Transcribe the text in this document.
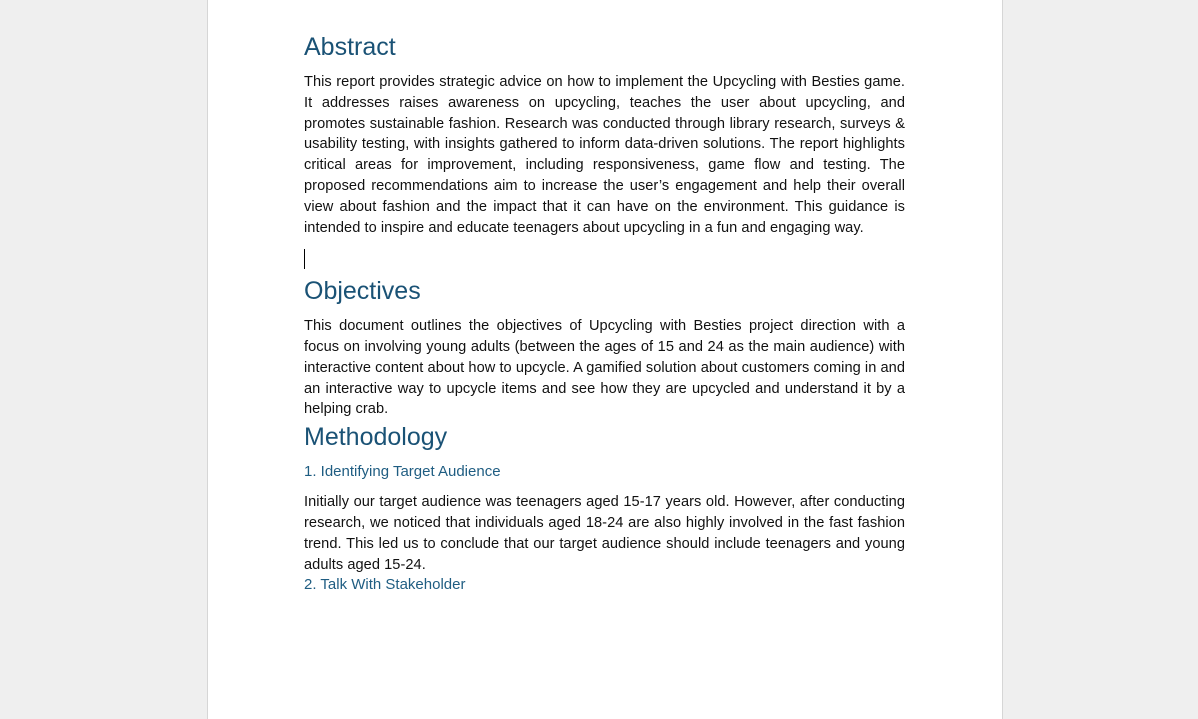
Abstract

This report provides strategic advice on how to implement the Upcycling with Besties game. It addresses raises awareness on upcycling, teaches the user about upcycling, and promotes sustainable fashion. Research was conducted through library research, surveys & usability testing, with insights gathered to inform data-driven solutions. The report highlights critical areas for improvement, including responsiveness, game flow and testing. The proposed recommendations aim to increase the user’s engagement and help their overall view about fashion and the impact that it can have on the environment. This guidance is intended to inspire and educate teenagers about upcycling in a fun and engaging way.

Objectives

This document outlines the objectives of Upcycling with Besties project direction with a focus on involving young adults (between the ages of 15 and 24 as the main audience) with interactive content about how to upcycle. A gamified solution about customers coming in and an interactive way to upcycle items and see how they are upcycled and understand it by a helping crab.

Methodology
1. Identifying Target Audience

Initially our target audience was teenagers aged 15-17 years old. However, after conducting research, we noticed that individuals aged 18-24 are also highly involved in the fast fashion trend. This led us to conclude that our target audience should include teenagers and young adults aged 15-24.

2. Talk With Stakeholder
